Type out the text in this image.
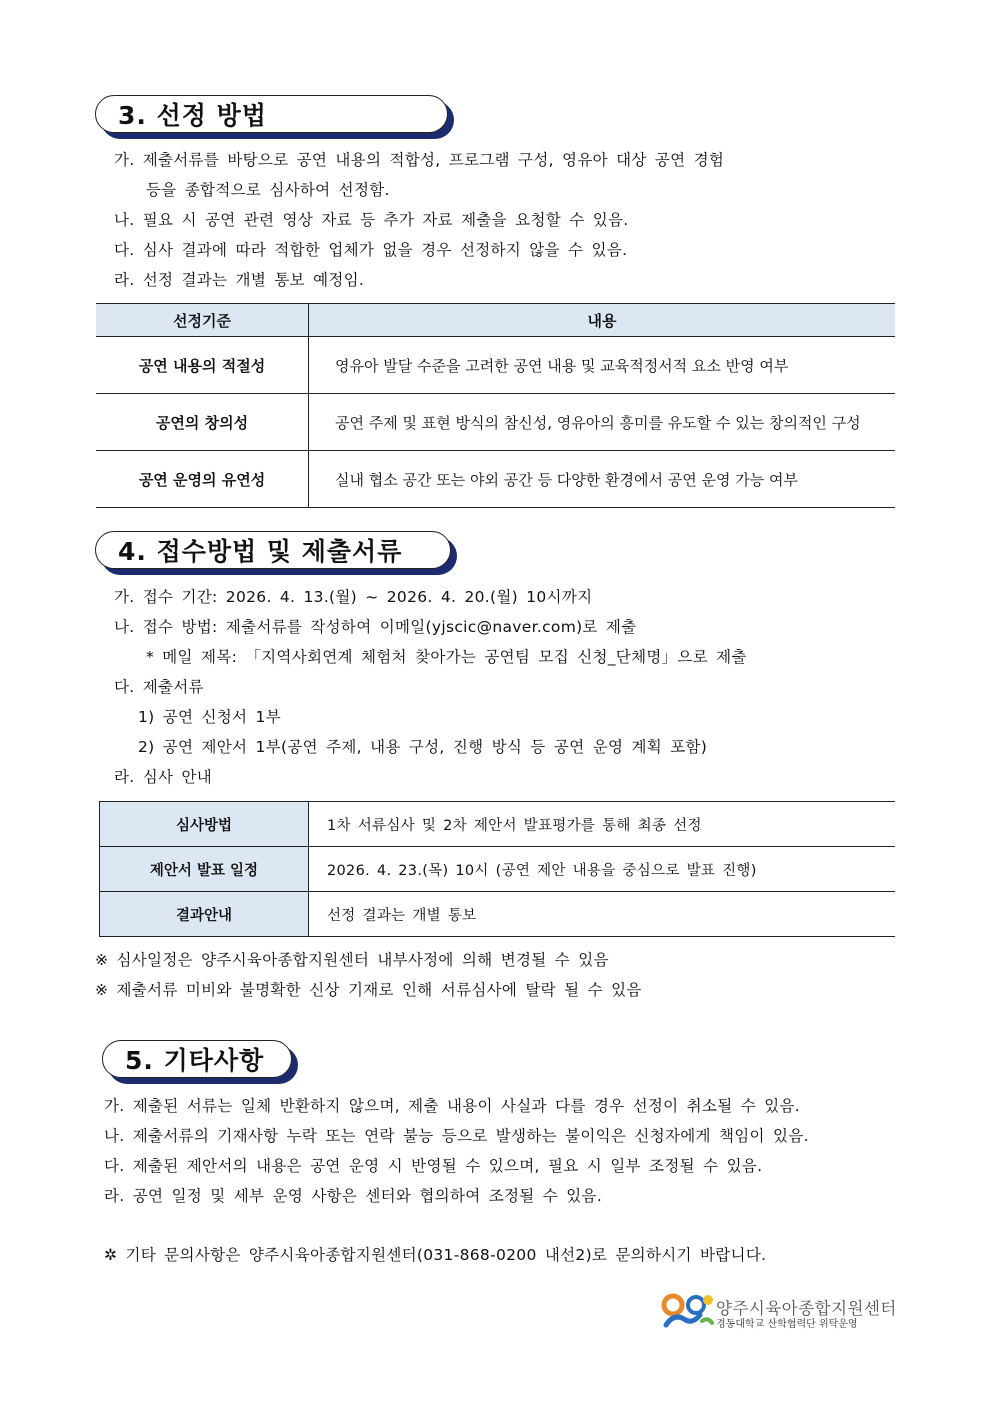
3. 선정 방법
가. 제출서류를 바탕으로 공연 내용의 적합성, 프로그램 구성, 영유아 대상 공연 경험
등을 종합적으로 심사하여 선정함.
나. 필요 시 공연 관련 영상 자료 등 추가 자료 제출을 요청할 수 있음.
다. 심사 결과에 따라 적합한 업체가 없을 경우 선정하지 않을 수 있음.
라. 선정 결과는 개별 통보 예정임.
선정기준	내용
공연 내용의 적절성	영유아 발달 수준을 고려한 공연 내용 및 교육적정서적 요소 반영 여부
공연의 창의성	공연 주제 및 표현 방식의 참신성, 영유아의 흥미를 유도할 수 있는 창의적인 구성
공연 운영의 유연성	실내 협소 공간 또는 야외 공간 등 다양한 환경에서 공연 운영 가능 여부
4. 접수방법 및 제출서류
가. 접수 기간: 2026. 4. 13.(월) ~ 2026. 4. 20.(월) 10시까지
나. 접수 방법: 제출서류를 작성하여 이메일(yjscic@naver.com)로 제출
* 메일 제목: 「지역사회연계 체험처 찾아가는 공연팀 모집 신청_단체명」으로 제출
다. 제출서류
1) 공연 신청서 1부
2) 공연 제안서 1부(공연 주제, 내용 구성, 진행 방식 등 공연 운영 계획 포함)
라. 심사 안내
심사방법	1차 서류심사 및 2차 제안서 발표평가를 통해 최종 선정
제안서 발표 일정	2026. 4. 23.(목) 10시 (공연 제안 내용을 중심으로 발표 진행)
결과안내	선정 결과는 개별 통보
※ 심사일정은 양주시육아종합지원센터 내부사정에 의해 변경될 수 있음
※ 제출서류 미비와 불명확한 신상 기재로 인해 서류심사에 탈락 될 수 있음
5. 기타사항
가. 제출된 서류는 일체 반환하지 않으며, 제출 내용이 사실과 다를 경우 선정이 취소될 수 있음.
나. 제출서류의 기재사항 누락 또는 연락 불능 등으로 발생하는 불이익은 신청자에게 책임이 있음.
다. 제출된 제안서의 내용은 공연 운영 시 반영될 수 있으며, 필요 시 일부 조정될 수 있음.
라. 공연 일정 및 세부 운영 사항은 센터와 협의하여 조정될 수 있음.
✲ 기타 문의사항은 양주시육아종합지원센터(031-868-0200 내선2)로 문의하시기 바랍니다.
양주시육아종합지원센터
경동대학교 산학협력단 위탁운영
